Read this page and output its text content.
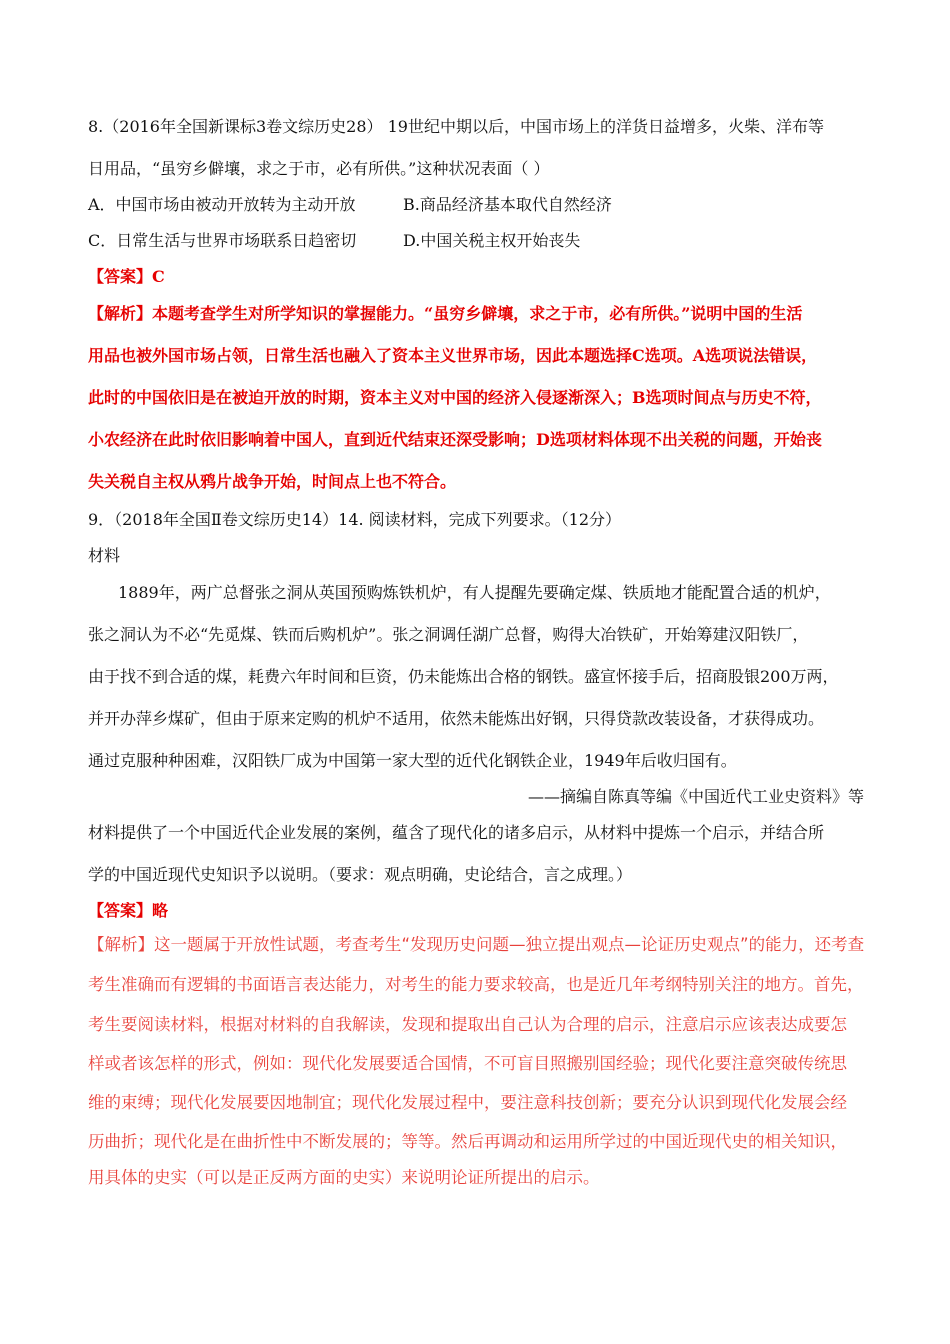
8.（2016年全国新课标3卷文综历史28） 19世纪中期以后，中国市场上的洋货日益增多，火柴、洋布等
日用品，“虽穷乡僻壤，求之于市，必有所供。”这种状况表面（ ）
A．中国市场由被动开放转为主动开放	B.商品经济基本取代自然经济
C．日常生活与世界市场联系日趋密切	D.中国关税主权开始丧失
【答案】C
【解析】本题考查学生对所学知识的掌握能力。“虽穷乡僻壤，求之于市，必有所供。”说明中国的生活
用品也被外国市场占领，日常生活也融入了资本主义世界市场，因此本题选择C选项。A选项说法错误，
此时的中国依旧是在被迫开放的时期，资本主义对中国的经济入侵逐渐深入；B选项时间点与历史不符，
小农经济在此时依旧影响着中国人，直到近代结束还深受影响；D选项材料体现不出关税的问题，开始丧
失关税自主权从鸦片战争开始，时间点上也不符合。
9．（2018年全国Ⅱ卷文综历史14）14. 阅读材料，完成下列要求。（12分）
材料
1889年，两广总督张之洞从英国预购炼铁机炉，有人提醒先要确定煤、铁质地才能配置合适的机炉，
张之洞认为不必“先觅煤、铁而后购机炉”。张之洞调任湖广总督，购得大冶铁矿，开始筹建汉阳铁厂，
由于找不到合适的煤，耗费六年时间和巨资，仍未能炼出合格的钢铁。盛宣怀接手后，招商股银200万两，
并开办萍乡煤矿，但由于原来定购的机炉不适用，依然未能炼出好钢，只得贷款改装设备，才获得成功。
通过克服种种困难，汉阳铁厂成为中国第一家大型的近代化钢铁企业，1949年后收归国有。
——摘编自陈真等编《中国近代工业史资料》等
材料提供了一个中国近代企业发展的案例，蕴含了现代化的诸多启示，从材料中提炼一个启示，并结合所
学的中国近现代史知识予以说明。（要求：观点明确，史论结合，言之成理。）
【答案】略
【解析】这一题属于开放性试题，考查考生“发现历史问题—独立提出观点—论证历史观点”的能力，还考查
考生准确而有逻辑的书面语言表达能力，对考生的能力要求较高，也是近几年考纲特别关注的地方。首先，
考生要阅读材料，根据对材料的自我解读，发现和提取出自己认为合理的启示，注意启示应该表达成要怎
样或者该怎样的形式，例如：现代化发展要适合国情，不可盲目照搬别国经验；现代化要注意突破传统思
维的束缚；现代化发展要因地制宜；现代化发展过程中，要注意科技创新；要充分认识到现代化发展会经
历曲折；现代化是在曲折性中不断发展的；等等。然后再调动和运用所学过的中国近现代史的相关知识，
用具体的史实（可以是正反两方面的史实）来说明论证所提出的启示。
